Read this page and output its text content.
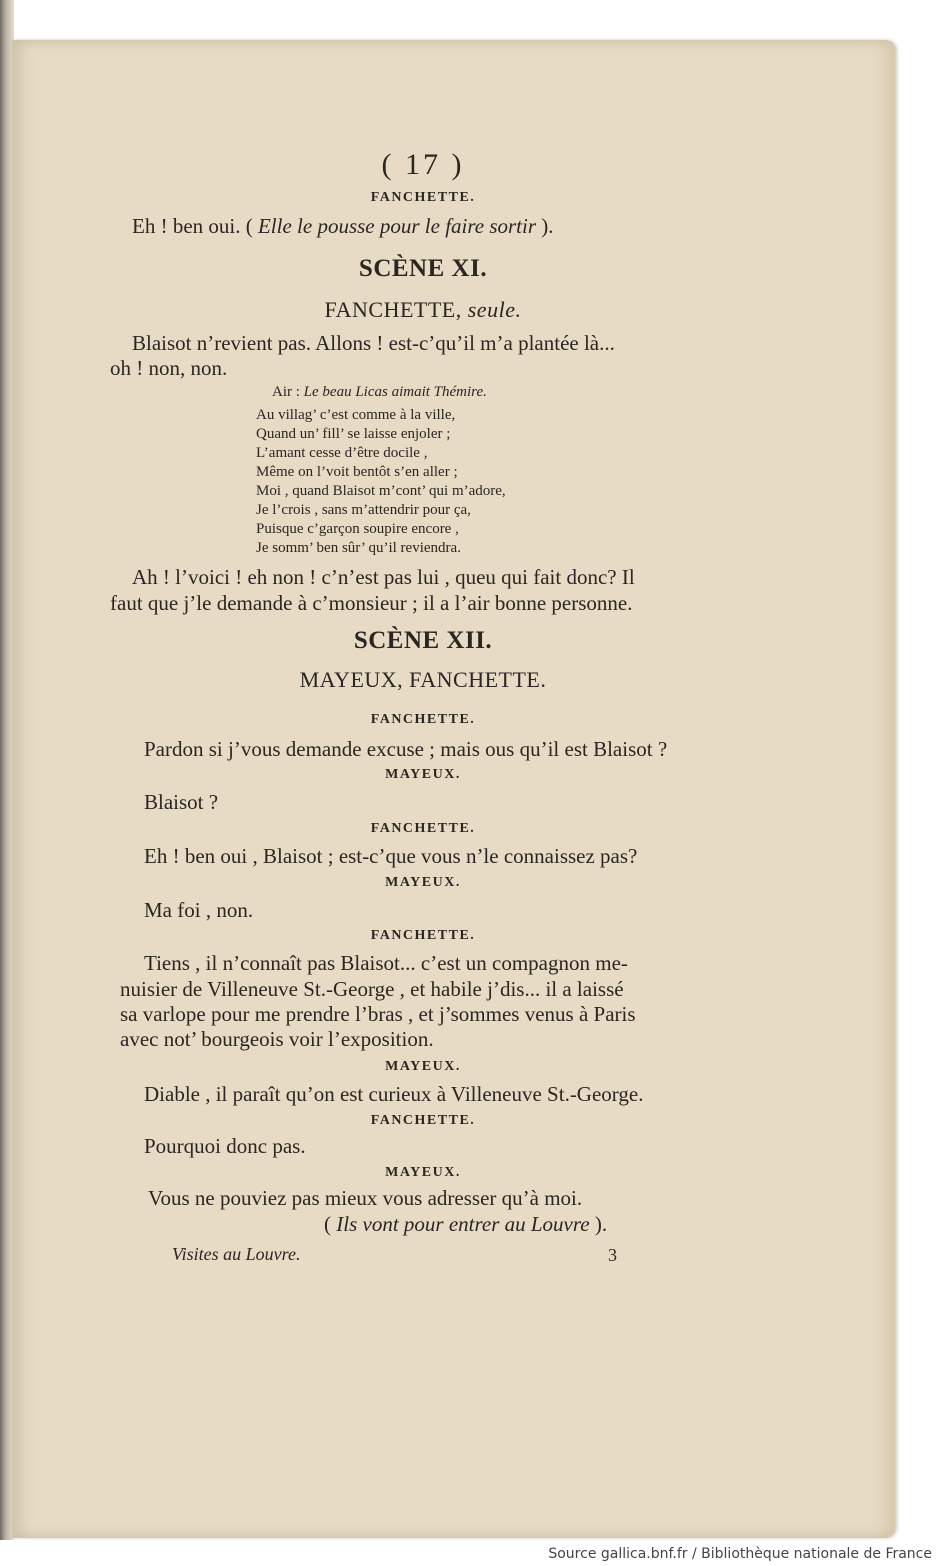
( 17 )

FANCHETTE.

Eh ! ben oui. ( Elle le pousse pour le faire sortir ).

SCÈNE XI.

FANCHETTE, seule.

Blaisot n’revient pas. Allons ! est-c’qu’il m’a plantée là...

oh ! non, non.

Air : Le beau Licas aimait Thémire.

Au villag’ c’est comme à la ville,

Quand un’ fill’ se laisse enjoler ;

L’amant cesse d’être docile ,

Même on l’voit bentôt s’en aller ;

Moi , quand Blaisot m’cont’ qui m’adore,

Je l’crois , sans m’attendrir pour ça,

Puisque c’garçon soupire encore ,

Je somm’ ben sûr’ qu’il reviendra.

Ah ! l’voici ! eh non ! c’n’est pas lui , queu qui fait donc? Il

faut que j’le demande à c’monsieur ; il a l’air bonne personne.

SCÈNE XII.

MAYEUX, FANCHETTE.

FANCHETTE.

Pardon si j’vous demande excuse ; mais ous qu’il est Blaisot ?

MAYEUX.

Blaisot ?

FANCHETTE.

Eh ! ben oui , Blaisot ; est-c’que vous n’le connaissez pas?

MAYEUX.

Ma foi , non.

FANCHETTE.

Tiens , il n’connaît pas Blaisot... c’est un compagnon me-

nuisier de Villeneuve St.-George , et habile j’dis... il a laissé

sa varlope pour me prendre l’bras , et j’sommes venus à Paris

avec not’ bourgeois voir l’exposition.

MAYEUX.

Diable , il paraît qu’on est curieux à Villeneuve St.-George.

FANCHETTE.

Pourquoi donc pas.

MAYEUX.

Vous ne pouviez pas mieux vous adresser qu’à moi.

( Ils vont pour entrer au Louvre ).

Visites au Louvre.	3

Source gallica.bnf.fr / Bibliothèque nationale de France
